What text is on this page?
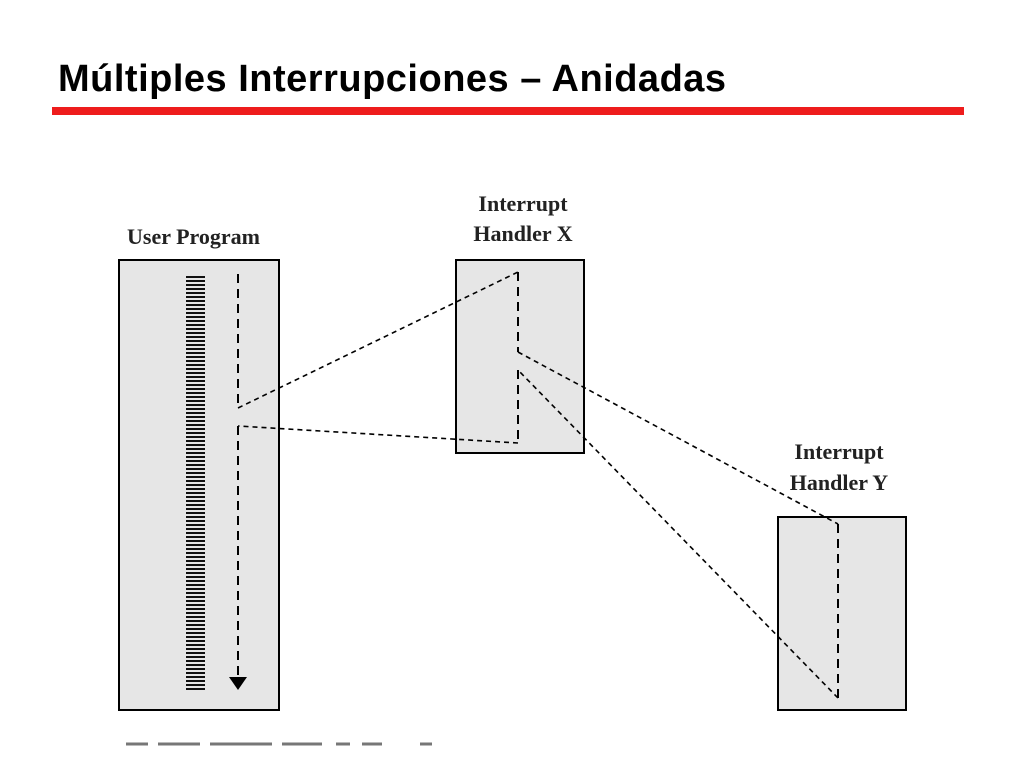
Múltiples Interrupciones – Anidadas
User Program
Interrupt
Handler X
Interrupt
Handler Y
